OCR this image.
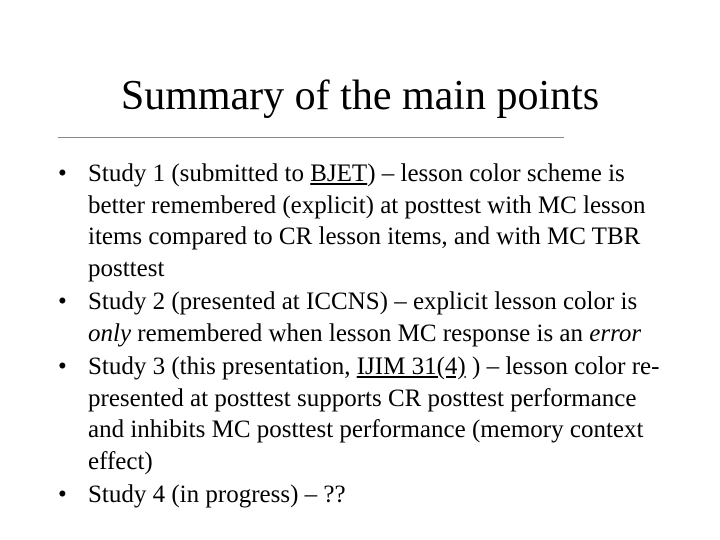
Summary of the main points
• Study 1 (submitted to BJET) – lesson color scheme is better remembered (explicit) at posttest with MC lesson items compared to CR lesson items, and with MC TBR posttest
• Study 2 (presented at ICCNS) – explicit lesson color is only remembered when lesson MC response is an error
• Study 3 (this presentation, IJIM 31(4) ) – lesson color re-presented at posttest supports CR posttest performance and inhibits MC posttest performance (memory context effect)
• Study 4 (in progress) – ??
